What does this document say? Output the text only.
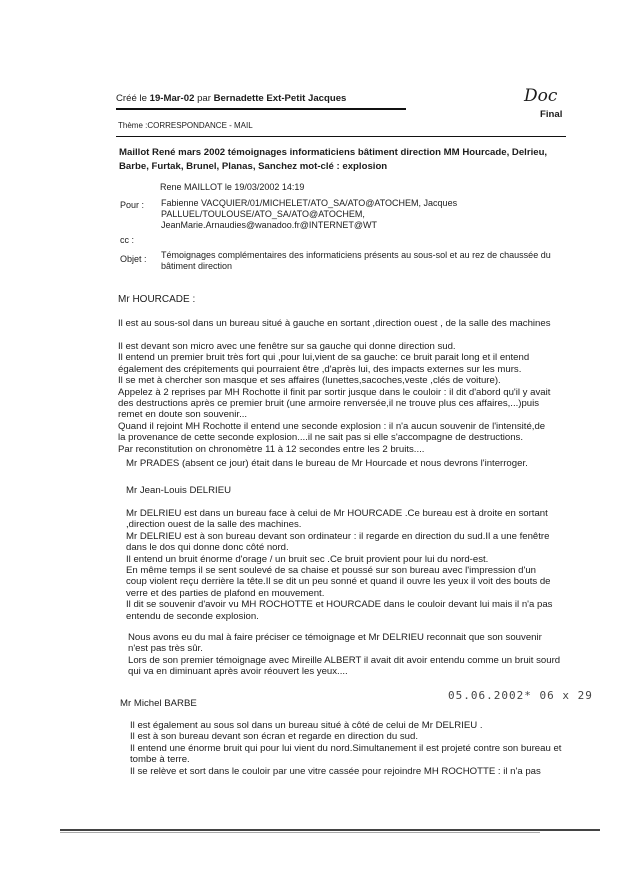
Créé le 19-Mar-02 par Bernadette Ext-Petit Jacques
Thème :CORRESPONDANCE - MAIL
Doc
Final
Maillot René mars 2002 témoignages informaticiens bâtiment direction MM Hourcade, Delrieu,
Barbe, Furtak, Brunel, Planas, Sanchez mot-clé : explosion
Rene MAILLOT le 19/03/2002 14:19
Pour : Fabienne VACQUIER/01/MICHELET/ATO_SA/ATO@ATOCHEM, Jacques
PALLUEL/TOULOUSE/ATO_SA/ATO@ATOCHEM,
JeanMarie.Arnaudies@wanadoo.fr@INTERNET@WT
cc :
Objet : Témoignages complémentaires des informaticiens présents au sous-sol et au rez de chaussée du
bâtiment direction
Mr HOURCADE :
Il est au sous-sol dans un bureau situé à gauche en sortant ,direction ouest , de la salle des machines
Il est devant son micro avec une fenêtre sur sa gauche qui donne direction sud.
Il entend un premier bruit très fort qui ,pour lui,vient de sa gauche: ce bruit parait long et il entend
également des crépitements qui pourraient être ,d'après lui, des impacts externes sur les murs.
Il se met à chercher son masque et ses affaires (lunettes,sacoches,veste ,clés de voiture).
Appelez à 2 reprises par MH Rochotte il finit par sortir jusque dans le couloir : il dit d'abord qu'il y avait
des destructions après ce premier bruit (une armoire renversée,il ne trouve plus ces affaires,...)puis
remet en doute son souvenir...
Quand il rejoint MH Rochotte il entend une seconde explosion : il n'a aucun souvenir de l'intensité,de
la provenance de cette seconde explosion....il ne sait pas si elle s'accompagne de destructions.
Par reconstitution on chronomètre 11 à 12 secondes entre les 2 bruits....
Mr PRADES (absent ce jour) était dans le bureau de Mr Hourcade et nous devrons l'interroger.
Mr Jean-Louis DELRIEU
Mr DELRIEU est dans un bureau face à celui de Mr HOURCADE .Ce bureau est à droite en sortant
,direction ouest de la salle des machines.
Mr DELRIEU est à son bureau devant son ordinateur : il regarde en direction du sud.Il a une fenêtre
dans le dos qui donne donc côté nord.
Il entend un bruit énorme d'orage / un bruit sec .Ce bruit provient pour lui du nord-est.
En même temps il se sent soulevé de sa chaise et poussé sur son bureau avec l'impression d'un
coup violent reçu derrière la tête.Il se dit un peu sonné et quand il ouvre les yeux il voit des bouts de
verre et des parties de plafond en mouvement.
Il dit se souvenir d'avoir vu MH ROCHOTTE et HOURCADE dans le couloir devant lui mais il n'a pas
entendu de seconde explosion.
Nous avons eu du mal à faire préciser ce témoignage et Mr DELRIEU reconnait que son souvenir
n'est pas très sûr.
Lors de son premier témoignage avec Mireille ALBERT il avait dit avoir entendu comme un bruit sourd
qui va en diminuant après avoir réouvert les yeux....
Mr Michel BARBE
05.06.2002* 06 x 29
Il est également au sous sol dans un bureau situé à côté de celui de Mr DELRIEU .
Il est à son bureau devant son écran et regarde en direction du sud.
Il entend une énorme bruit qui pour lui vient du nord.Simultanement il est projeté contre son bureau et
tombe à terre.
Il se relève et sort dans le couloir par une vitre cassée pour rejoindre MH ROCHOTTE : il n'a pas
